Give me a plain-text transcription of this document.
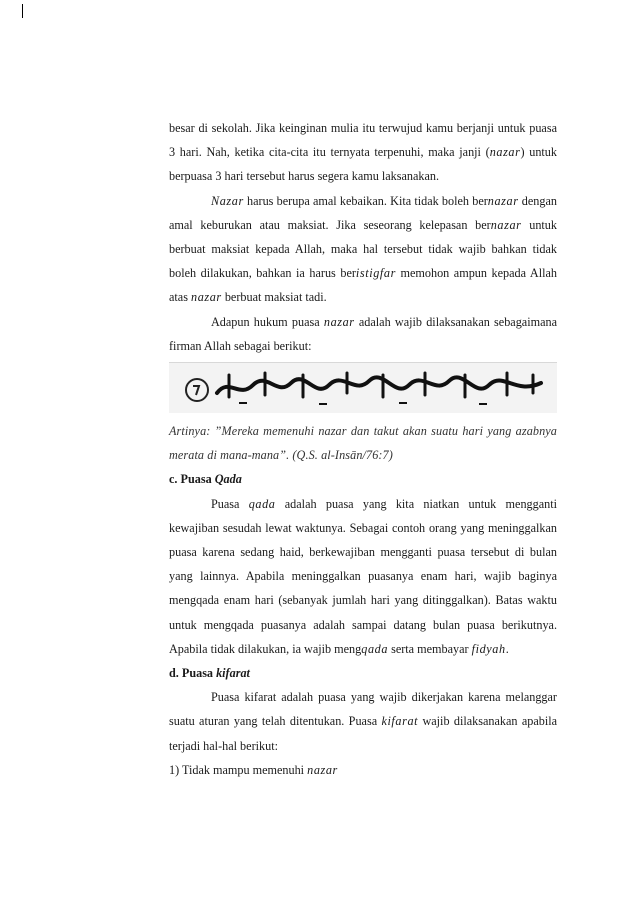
besar di sekolah. Jika keinginan mulia itu terwujud kamu berjanji untuk puasa 3 hari. Nah, ketika cita-cita itu ternyata terpenuhi, maka janji (nazar) untuk berpuasa 3 hari tersebut harus segera kamu laksanakan.

Nazar harus berupa amal kebaikan. Kita tidak boleh bernazar dengan amal keburukan atau maksiat. Jika seseorang kelepasan bernazar untuk berbuat maksiat kepada Allah, maka hal tersebut tidak wajib bahkan tidak boleh dilakukan, bahkan ia harus beristigfar memohon ampun kepada Allah atas nazar berbuat maksiat tadi.

Adapun hukum puasa nazar adalah wajib dilaksanakan sebagaimana firman Allah sebagai berikut:

Artinya: ”Mereka memenuhi nazar dan takut akan suatu hari yang azabnya merata di mana-mana”. (Q.S. al-Insān/76:7)

c. Puasa Qada

Puasa qada adalah puasa yang kita niatkan untuk mengganti kewajiban sesudah lewat waktunya. Sebagai contoh orang yang meninggalkan puasa karena sedang haid, berkewajiban mengganti puasa tersebut di bulan yang lainnya. Apabila meninggalkan puasanya enam hari, wajib baginya mengqada enam hari (sebanyak jumlah hari yang ditinggalkan). Batas waktu untuk mengqada puasanya adalah sampai datang bulan puasa berikutnya. Apabila tidak dilakukan, ia wajib mengqada serta membayar fidyah.

d. Puasa kifarat

Puasa kifarat adalah puasa yang wajib dikerjakan karena melanggar suatu aturan yang telah ditentukan. Puasa kifarat wajib dilaksanakan apabila terjadi hal-hal berikut:

1) Tidak mampu memenuhi nazar
